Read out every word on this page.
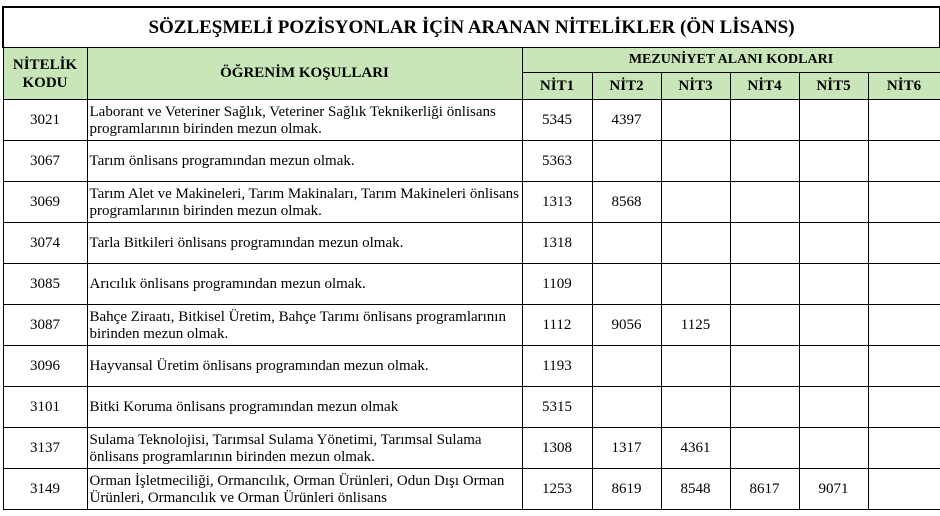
SÖZLEŞMELİ POZİSYONLAR İÇİN ARANAN NİTELİKLER (ÖN LİSANS)							
NİTELİK KODU	ÖĞRENİM KOŞULLARI	MEZUNİYET ALANI KODLARI					
		NİT1	NİT2	NİT3	NİT4	NİT5	NİT6
3021	Laborant ve Veteriner Sağlık, Veteriner Sağlık Teknikerliği önlisans programlarının birinden mezun olmak.	5345	4397				
3067	Tarım önlisans programından mezun olmak.	5363					
3069	Tarım Alet ve Makineleri, Tarım Makinaları, Tarım Makineleri önlisans programlarının birinden mezun olmak.	1313	8568				
3074	Tarla Bitkileri önlisans programından mezun olmak.	1318					
3085	Arıcılık önlisans programından mezun olmak.	1109					
3087	Bahçe Ziraatı, Bitkisel Üretim, Bahçe Tarımı önlisans programlarının birinden mezun olmak.	1112	9056	1125			
3096	Hayvansal Üretim önlisans programından mezun olmak.	1193					
3101	Bitki Koruma önlisans programından mezun olmak	5315					
3137	Sulama Teknolojisi, Tarımsal Sulama Yönetimi, Tarımsal Sulama önlisans programlarının birinden mezun olmak.	1308	1317	4361			
3149	Orman İşletmeciliği, Ormancılık, Orman Ürünleri, Odun Dışı Orman Ürünleri, Ormancılık ve Orman Ürünleri önlisans	1253	8619	8548	8617	9071	
